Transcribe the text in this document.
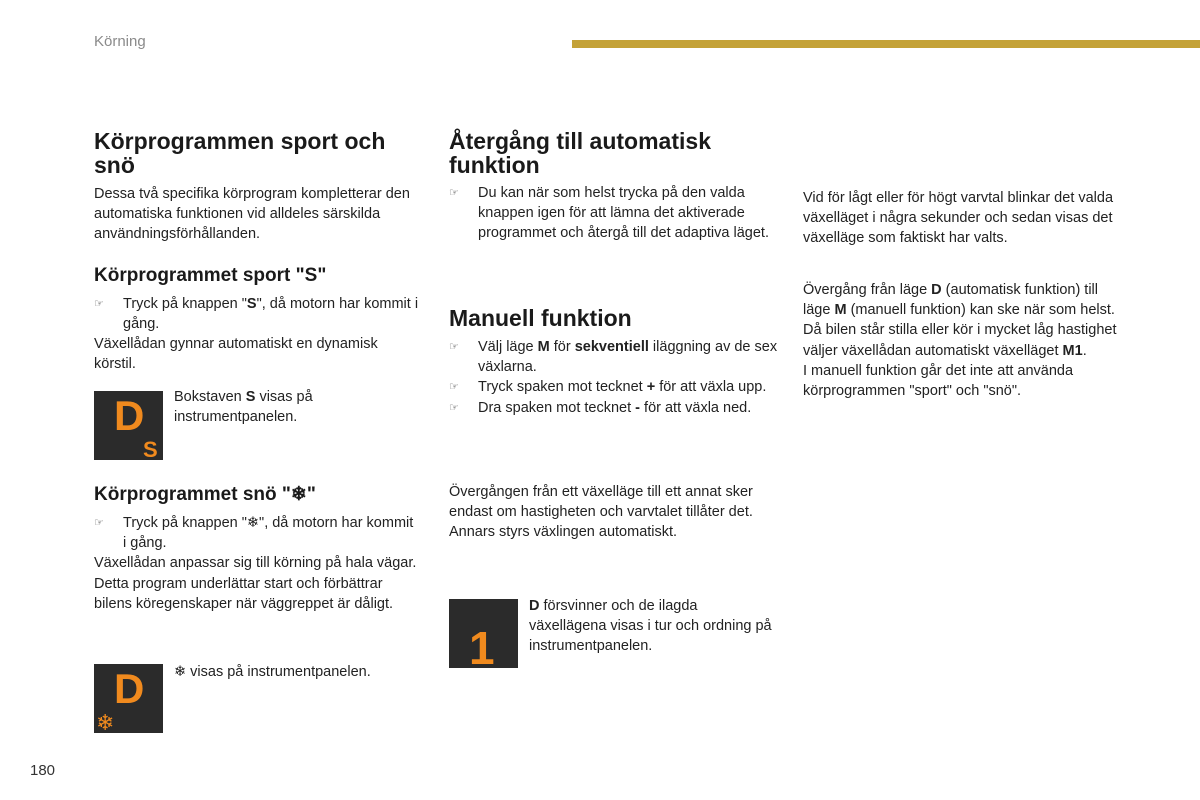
Körning
Körprogrammen sport och snö

Dessa två specifika körprogram kompletterar den automatiska funktionen vid alldeles särskilda användningsförhållanden.

Körprogrammet sport "S"
☞ Tryck på knappen "S", då motorn har kommit i gång.

Växellådan gynnar automatiskt en dynamisk körstil.

D
S
Bokstaven S visas på instrumentpanelen.
Körprogrammet snö "❄"
☞ Tryck på knappen "❄", då motorn har kommit i gång.

Växellådan anpassar sig till körning på hala vägar.

Detta program underlättar start och förbättrar bilens köregenskaper när väggreppet är dåligt.

D
❄
❄ visas på instrumentpanelen.
Återgång till automatisk funktion
☞ Du kan när som helst trycka på den valda knappen igen för att lämna det aktiverade programmet och återgå till det adaptiva läget.
Manuell funktion
☞ Välj läge M för sekventiell iläggning av de sex växlarna.
☞ Tryck spaken mot tecknet + för att växla upp.
☞ Dra spaken mot tecknet - för att växla ned.
Övergången från ett växelläge till ett annat sker endast om hastigheten och varvtalet tillåter det. Annars styrs växlingen automatiskt.
1
D försvinner och de ilagda växellägena visas i tur och ordning på instrumentpanelen.
Vid för lågt eller för högt varvtal blinkar det valda växelläget i några sekunder och sedan visas det växelläge som faktiskt har valts.

Övergång från läge D (automatisk funktion) till läge M (manuell funktion) kan ske när som helst.

Då bilen står stilla eller kör i mycket låg hastighet väljer växellådan automatiskt växelläget M1.

I manuell funktion går det inte att använda körprogrammen "sport" och "snö".

180
